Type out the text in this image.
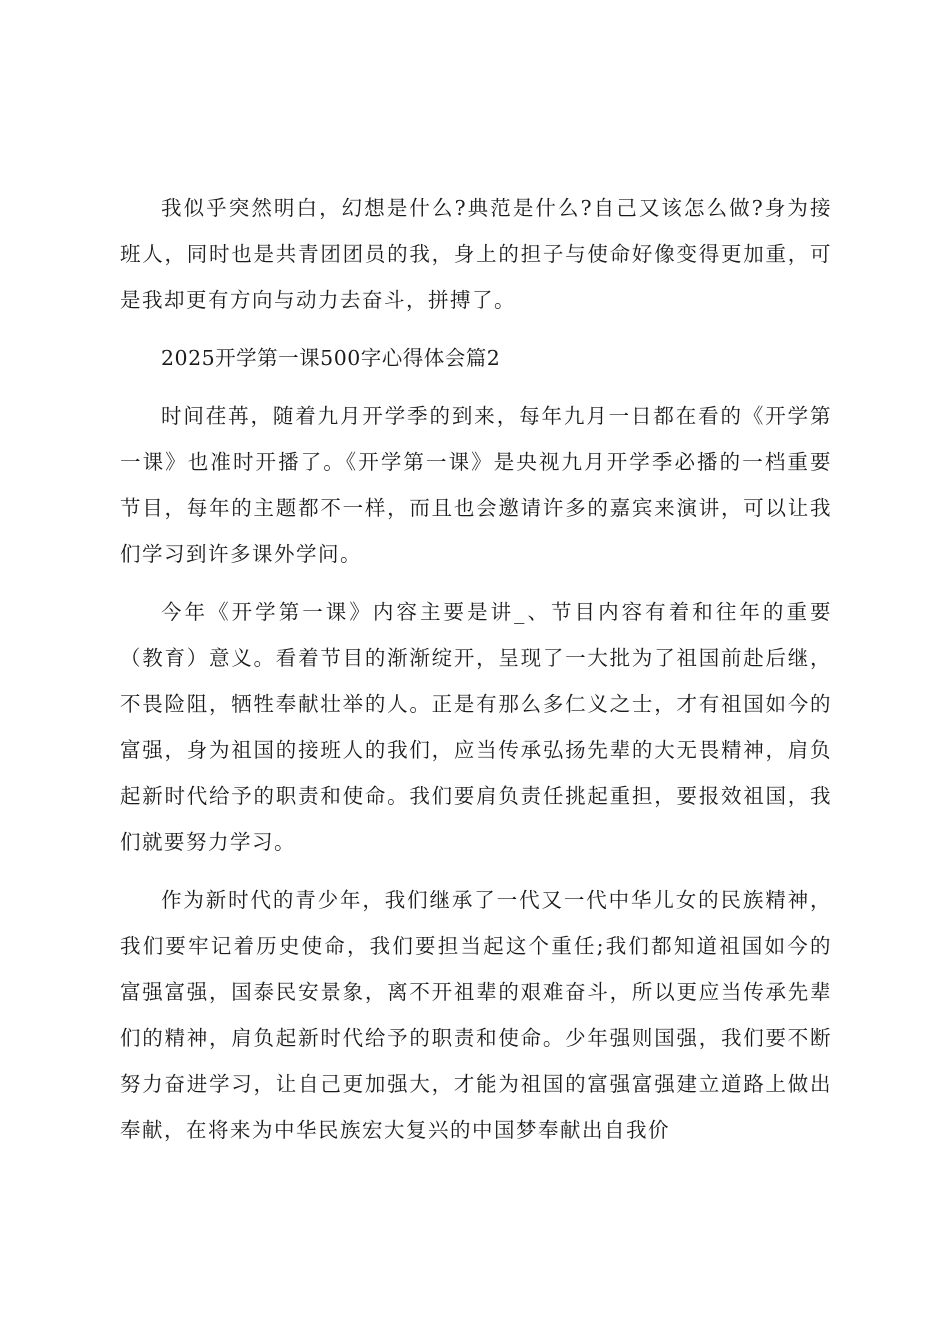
我似乎突然明白，幻想是什么?典范是什么?自己又该怎么做?身为接班人，同时也是共青团团员的我，身上的担子与使命好像变得更加重，可是我却更有方向与动力去奋斗，拼搏了。

2025开学第一课500字心得体会篇2

时间荏苒，随着九月开学季的到来，每年九月一日都在看的《开学第一课》也准时开播了。《开学第一课》是央视九月开学季必播的一档重要节目，每年的主题都不一样，而且也会邀请许多的嘉宾来演讲，可以让我们学习到许多课外学问。

今年《开学第一课》内容主要是讲_、节目内容有着和往年的重要（教育）意义。看着节目的渐渐绽开，呈现了一大批为了祖国前赴后继，不畏险阻，牺牲奉献壮举的人。正是有那么多仁义之士，才有祖国如今的富强，身为祖国的接班人的我们，应当传承弘扬先辈的大无畏精神，肩负起新时代给予的职责和使命。我们要肩负责任挑起重担，要报效祖国，我们就要努力学习。

作为新时代的青少年，我们继承了一代又一代中华儿女的民族精神，我们要牢记着历史使命，我们要担当起这个重任;我们都知道祖国如今的富强富强，国泰民安景象，离不开祖辈的艰难奋斗，所以更应当传承先辈们的精神，肩负起新时代给予的职责和使命。少年强则国强，我们要不断努力奋进学习，让自己更加强大，才能为祖国的富强富强建立道路上做出奉献，在将来为中华民族宏大复兴的中国梦奉献出自我价
